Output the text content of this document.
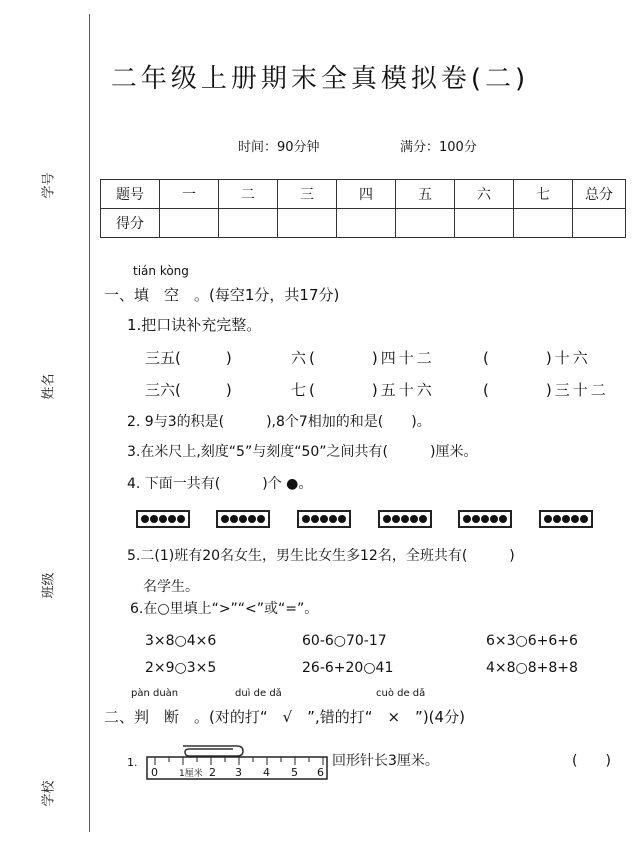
学号
姓名
班级
学校
二年级上册期末全真模拟卷(二)
时间：90分钟	满分：100分
题号	一	二	三	四	五	六	七	总分
得分								
tián kòng
一、填　空　。(每空1分，共17分)
1.把口诀补充完整。
三五(　　　)	六(　　　)四十二	(　　　)十六
三六(　　　)	七(　　　)五十六	(　　　)三十二
2. 9与3的积是(　　　),8个7相加的和是(　　)。
3.在米尺上,刻度“5”与刻度“50”之间共有(　　　)厘米。
4. 下面一共有(　　　)个 ●。
5.二(1)班有20名女生，男生比女生多12名，全班共有(　　　)
名学生。
6.在○里填上“>”“<”或“=”。
3×8○4×6	60-6○70-17	6×3○6+6+6
2×9○3×5	26-6+20○41	4×8○8+8+8
pàn duàn	duì de dǎ	cuò de dǎ
二、判　断　。(对的打“　√　”,错的打“　×　”)(4分)
1.
0 1厘米	3 4 5 6
2
回形针长3厘米。	(　　)
